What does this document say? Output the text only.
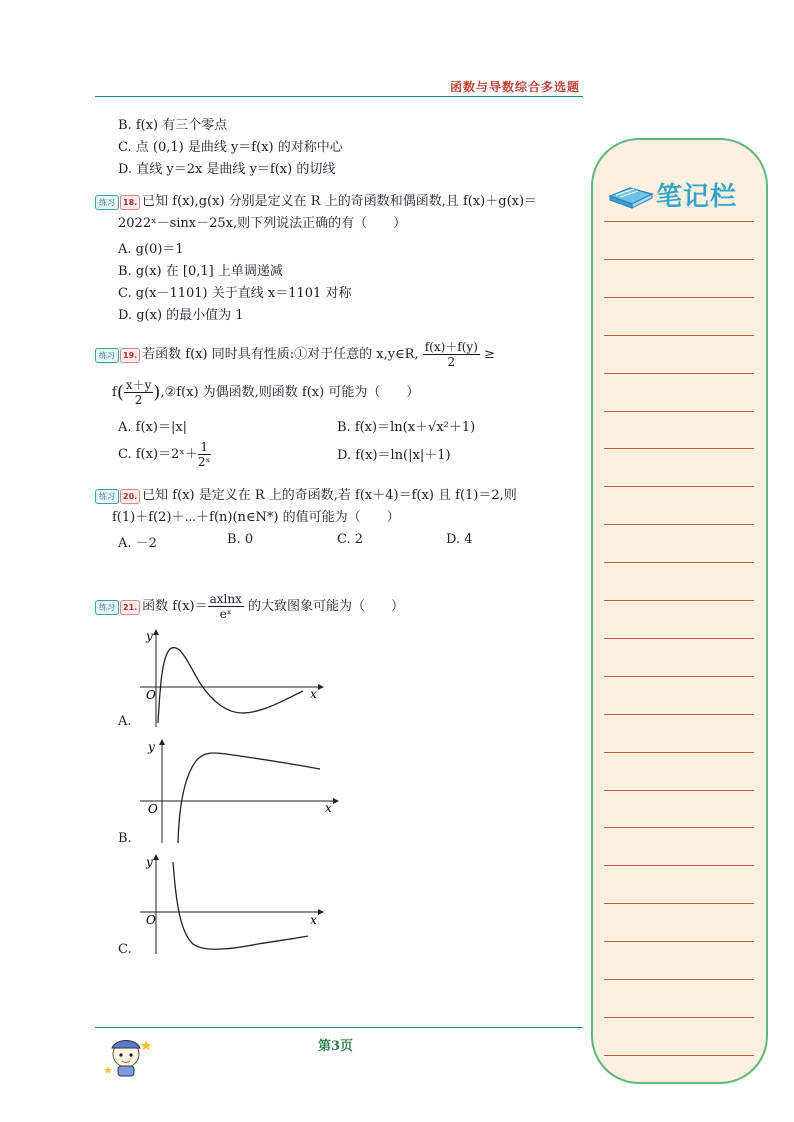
函数与导数综合多选题
B. f(x) 有三个零点
C. 点 (0,1) 是曲线 y＝f(x) 的对称中心
D. 直线 y＝2x 是曲线 y＝f(x) 的切线
练习 18. 已知 f(x),g(x) 分别是定义在 R 上的奇函数和偶函数,且 f(x)＋g(x)＝
2022ˣ－sinx－25x,则下列说法正确的有（　　）
A. g(0)＝1
B. g(x) 在 [0,1] 上单调递减
C. g(x－1101) 关于直线 x＝1101 对称
D. g(x) 的最小值为 1
练习 19. 若函数 f(x) 同时具有性质:①对于任意的 x,y∈R, $\frac{f(x)+f(y)}{2}$ ≥
$f( \frac{x+y}{2}$ ),②f(x) 为偶函数,则函数 f(x) 可能为（　　）
A. f(x)＝|x|	B. f(x)＝ln(x＋√x²＋1)
C. f(x)＝2ˣ＋ $\frac{1}{\text{2ˣ}}$	D. f(x)＝ln(|x|＋1)
练习 20. 已知 f(x) 是定义在 R 上的奇函数,若 f(x＋4)＝f(x) 且 f(1)＝2,则
f(1)＋f(2)＋⋯＋f(n)(n∈N*) 的值可能为（　　）
A. －2	B. 0	C. 2	D. 4
练习 21. 函数 $f(x)= \frac{axlnx}{\text{eˣ}}$ 的大致图象可能为（　　）
A.
y
x
O
B.
y
x
O
C.
y
x
O
笔记栏
第3页
